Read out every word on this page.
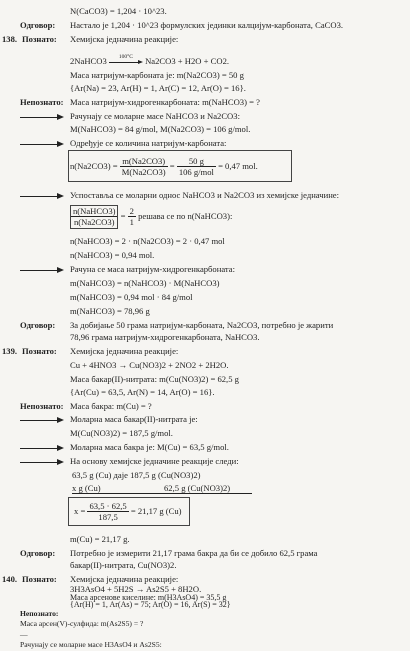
N(CaCO3) = 1,204 · 10^23.
Одговор: Настало је 1,204 · 10^23 формулских јединки калцијум-карбоната, CaCO3.
138. Познато: Хемијска једначина реакције:
2NaHCO3	100°C	Na2CO3 + H2O + CO2.
Маса натријум-карбоната је: m(Na2CO3) = 50 g
{Ar(Na) = 23, Ar(H) = 1, Ar(C) = 12, Ar(O) = 16}.
Непознато: Маса натријум-хидрогенкарбоната: m(NaHCO3) = ?
Рачунају се моларне масе NaHCO3 и Na2CO3:
M(NaHCO3) = 84 g/mol, M(Na2CO3) = 106 g/mol.
Одређује се количина натријум-карбоната:
$n(Na2CO3) = \frac{m(Na2CO3)}{M(Na2CO3)} = \frac{50 g}{\text{106 g/mol}} = 0,47$ mol.
Успоставља се моларни однос NaHCO3 и Na2CO3 из хемијске једначине:
$\frac{\text{n(NaHCO3)}}{n(Na2CO3)} = \frac{2}{1}$ решава се по n(NaHCO3):
n(NaHCO3) = 2 · n(Na2CO3) = 2 · 0,47 mol
n(NaHCO3) = 0,94 mol.
Рачуна се маса натријум-хидрогенкарбоната:
m(NaHCO3) = n(NaHCO3) · M(NaHCO3)
m(NaHCO3) = 0,94 mol · 84 g/mol
m(NaHCO3) = 78,96 g
Одговор: За добијање 50 грама натријум-карбоната, Na2CO3, потребно је жарити
78,96 грама натријум-хидрогенкарбоната, NaHCO3.
139. Познато: Хемијска једначина реакције:
Cu + 4HNO3 → Cu(NO3)2 + 2NO2 + 2H2O.
Маса бакар(II)-нитрата: m(Cu(NO3)2) = 62,5 g
{Ar(Cu) = 63,5, Ar(N) = 14, Ar(O) = 16}.
Непознато: Маса бакра: m(Cu) = ?
Моларна маса бакар(II)-нитрата је:
M(Cu(NO3)2) = 187,5 g/mol.
Моларна маса бакра је: M(Cu) = 63,5 g/mol.
На основу хемијске једначине реакције следи:
63,5 g (Cu) даје 187,5 g (Cu(NO3)2)
x g (Cu)	62,5 g (Cu(NO3)2)
$x = \frac{63,5 \cdot 62,5}{187,5} = 21,17$ g (Cu)
m(Cu) = 21,17 g.
Одговор: Потребно је измерити 21,17 грама бакра да би се добило 62,5 грама
бакар(II)-нитрата, Cu(NO3)2.
140. Познато: Хемијска једначина реакције:
3H3AsO4 + 5H2S → As2S5 + 8H2O.
Маса арсенове киселине: m(H3AsO4) = 35,5 g
{Ar(H) = 1, Ar(As) = 75; Ar(O) = 16, Ar(S) = 32}
Непознато:
Маса арсен(V)-сулфида: m(As2S5) = ?
—
Рачунају се моларне масе H3AsO4 и As2S5:
